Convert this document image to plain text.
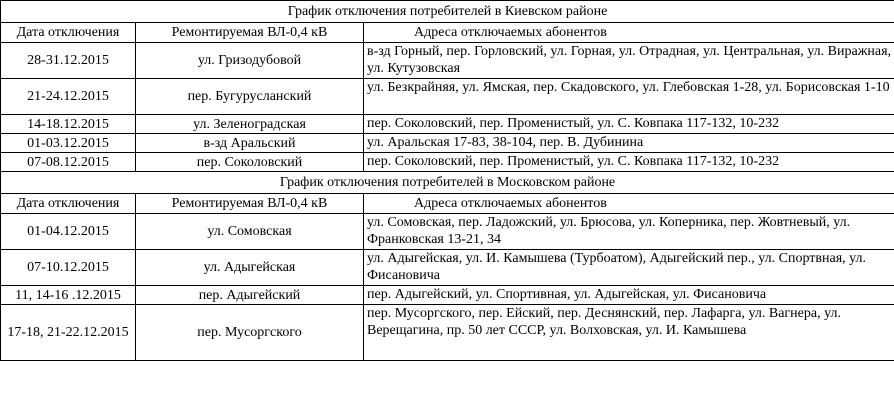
График отключения потребителей в Киевском районе		
Дата отключения	Ремонтируемая ВЛ-0,4 кВ	Адреса отключаемых абонентов
28-31.12.2015	ул. Гризодубовой	в-зд Горный, пер. Горловский, ул. Горная, ул. Отрадная, ул. Центральная, ул. Виражная, ул. Кутузовская
21-24.12.2015	пер. Бугурусланский	ул. Безкрайняя, ул. Ямская, пер. Скадовского, ул. Глебовская 1-28, ул. Борисовская 1-10
14-18.12.2015	ул. Зеленоградская	пер. Соколовский, пер. Променистый, ул. С. Ковпака 117-132, 10-232
01-03.12.2015	в-зд Аральский	ул. Аральская 17-83, 38-104, пер. В. Дубинина
07-08.12.2015	пер. Соколовский	пер. Соколовский, пер. Променистый, ул. С. Ковпака 117-132, 10-232
График отключения потребителей в Московском районе		
Дата отключения	Ремонтируемая ВЛ-0,4 кВ	Адреса отключаемых абонентов
01-04.12.2015	ул. Сомовская	ул. Сомовская, пер. Ладожский, ул. Брюсова, ул. Коперника, пер. Жовтневый, ул. Франковская 13-21, 34
07-10.12.2015	ул. Адыгейская	ул. Адыгейская, ул. И. Камышева (Турбоатом), Адыгейский пер., ул. Спортвная, ул. Фисановича
11, 14-16 .12.2015	пер. Адыгейский	пер. Адыгейский, ул. Спортивная, ул. Адыгейская, ул. Фисановича
17-18, 21-22.12.2015	пер. Мусоргского	пер. Мусоргского, пер. Ейский, пер. Деснянский, пер. Лафарга, ул. Вагнера, ул. Верещагина, пр. 50 лет СССР, ул. Волховская, ул. И. Камышева
